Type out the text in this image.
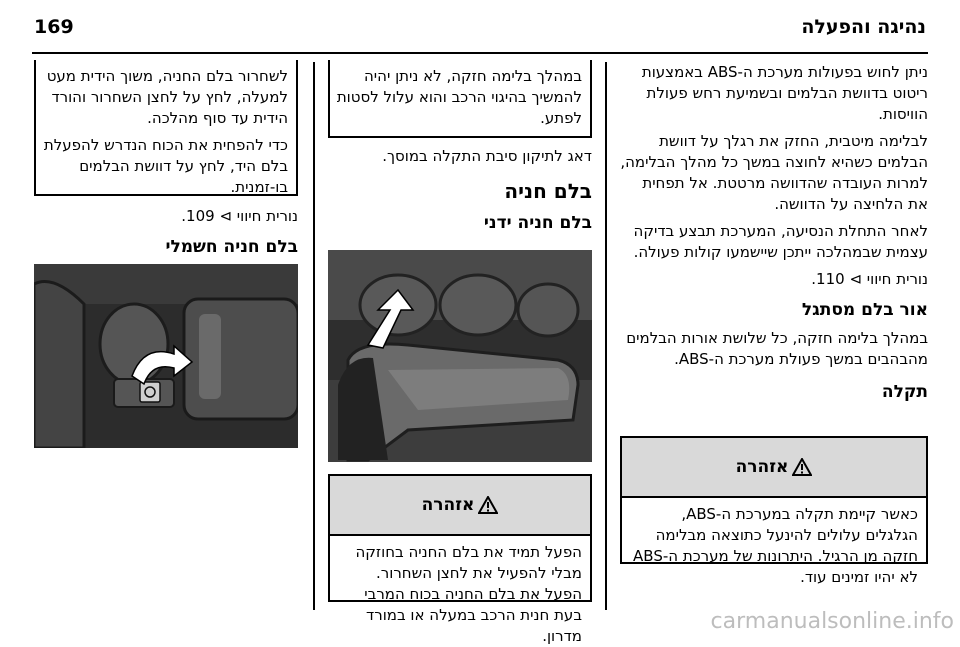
169	נהיגה והפעלה

ניתן לחוש בפעולות מערכת ה-ABS באמצעות ריטוט בדוושת הבלמים ובשמיעת רחש פעולת הוויסות.

לבלימה מיטבית, החזק את רגלך על דוושת הבלמים כשהיא לחוצה במשך כל מהלך הבלימה, למרות העובדה שהדוושה מרטטת. אל תפחית את הלחיצה על הדוושה.

לאחר התחלת הנסיעה, המערכת תבצע בדיקה עצמית שבמהלכה ייתכן שיישמעו קולות פעולה.

נורית חיווי ⊳ 110.

אור בלם מסתגל

במהלך בלימה חזקה, כל שלושת אורות הבלמים מהבהבים במשך פעולת מערכת ה-ABS.

תקלה
אזהרה

כאשר קיימת תקלה במערכת ה-ABS, הגלגלים עלולים להינעל כתוצאה מבלימה חזקה מן הרגיל. היתרונות של מערכת ה-ABS לא יהיו זמינים עוד.

במהלך בלימה חזקה, לא ניתן יהיה להמשיך בהיגוי הרכב והוא עלול לסטות לפתע.

דאג לתיקון סיבת התקלה במוסך.

בלם חניה
בלם חניה ידני
אזהרה

הפעל תמיד את בלם החניה בחוזקה מבלי להפעיל את לחצן השחרור. הפעל את בלם החניה בכוח המרבי בעת חנית הרכב במעלה או במורד מדרון.

לשחרור בלם החניה, משוך הידית מעט למעלה, לחץ על לחצן השחרור והורד הידית עד סוף מהלכה.

כדי להפחית את הכוח הנדרש להפעלת בלם היד, לחץ על דוושת הבלמים בו-זמנית.

נורית חיווי ⊳ 109.

בלם חניה חשמלי
carmanualsonline.info
